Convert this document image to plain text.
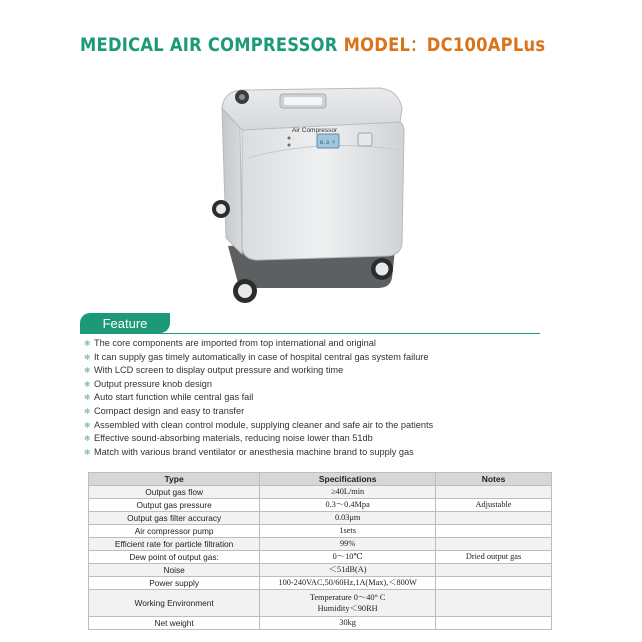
MEDICAL AIR COMPRESSOR MODEL：DC100APLus
Air Compressor
0.3 ?
Feature
❄ The core components are imported from top international and original
❄ It can supply gas timely automatically in case of hospital central gas system failure
❄ With LCD screen to display output pressure and working time
❄ Output pressure knob design
❄ Auto start function while central gas fail
❄ Compact design and easy to transfer
❄ Assembled with clean control module, supplying cleaner and safe air to the patients
❄ Effective sound-absorbing materials, reducing noise lower than 51db
❄ Match with various brand ventilator or anesthesia machine brand to supply gas
Type	Specifications	Notes
Output gas flow	≥40L/min	
Output gas pressure	0.3～0.4Mpa	Adjustable
Output gas filter accuracy	0.03μm	
Air compressor pump	1sets	
Efficient rate for particle filtration	99%	
Dew point of output gas:	0～10℃	Dried output gas
Noise	＜51dB(A)	
Power supply	100-240VAC,50/60Hz,1A(Max),＜800W	
Working Environment	Temperature 0～40° C
Humidity＜90RH	

Net weight	30kg	
